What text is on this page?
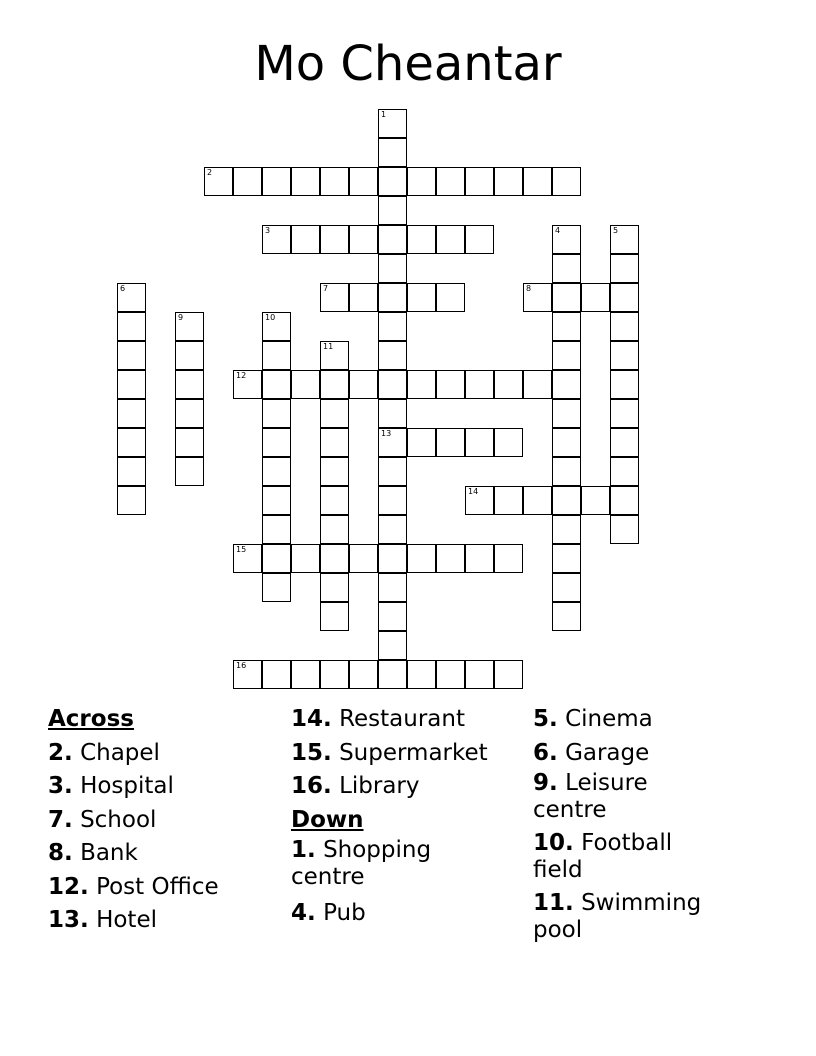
Mo Cheantar
1
2
3	4	5
6	7	8
9	10
11
12
13
14
15
16
Across
2. Chapel
3. Hospital
7. School
8. Bank
12. Post Office
13. Hotel
14. Restaurant
15. Supermarket
16. Library
Down
1. Shopping centre
4. Pub
5. Cinema
6. Garage
9. Leisure centre
10. Football field
11. Swimming pool
